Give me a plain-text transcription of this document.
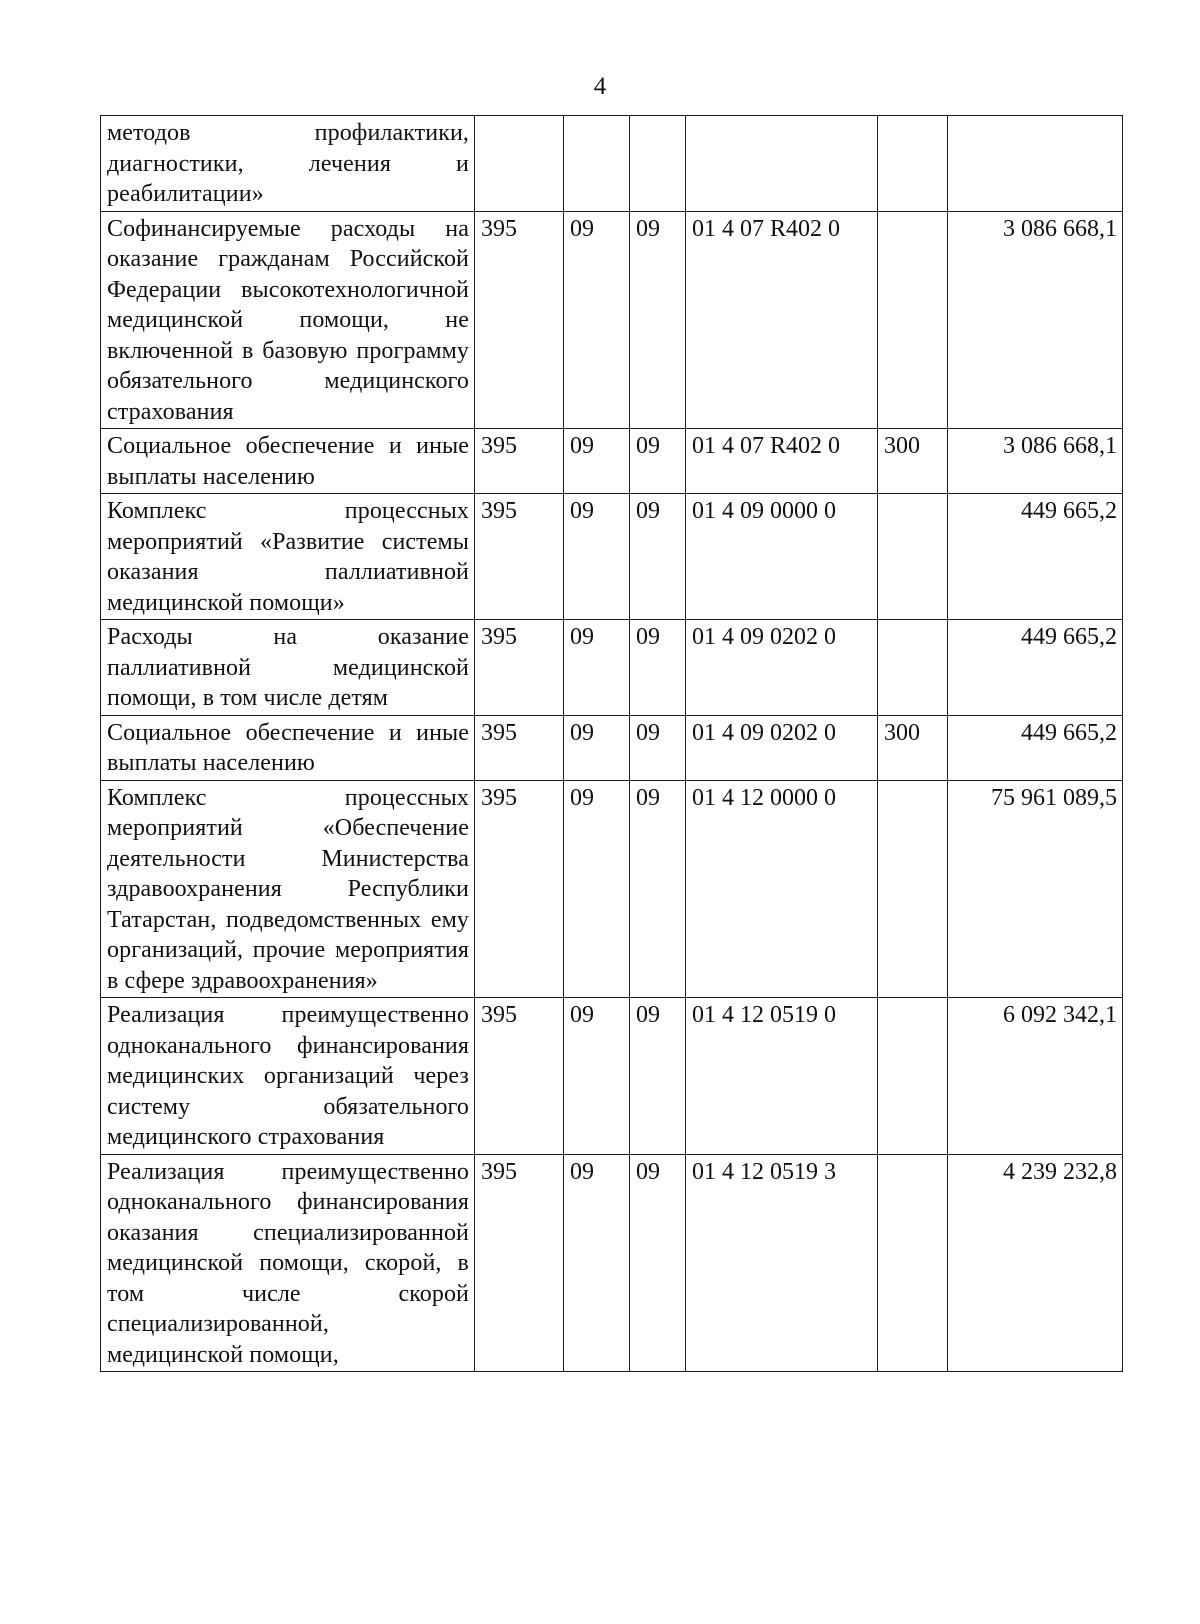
4
методов профилактики, диагностики, лечения и реабилитации»						
Софинансируемые расходы на оказание гражданам Российской Федерации высокотехнологичной медицинской помощи, не включенной в базовую программу обязательного медицинского страхования	395	09	09	01 4 07 R402 0		3 086 668,1
Социальное обеспечение и иные выплаты населению	395	09	09	01 4 07 R402 0	300	3 086 668,1
Комплекс процессных мероприятий «Развитие системы оказания паллиативной медицинской помощи»	395	09	09	01 4 09 0000 0		449 665,2
Расходы на оказание паллиативной медицинской помощи, в том числе детям	395	09	09	01 4 09 0202 0		449 665,2
Социальное обеспечение и иные выплаты населению	395	09	09	01 4 09 0202 0	300	449 665,2
Комплекс процессных мероприятий «Обеспечение деятельности Министерства здравоохранения Республики Татарстан, подведомственных ему организаций, прочие мероприятия в сфере здравоохранения»	395	09	09	01 4 12 0000 0		75 961 089,5
Реализация преимущественно одноканального финансирования медицинских организаций через систему обязательного медицинского страхования	395	09	09	01 4 12 0519 0		6 092 342,1
Реализация преимущественно одноканального финансирования оказания специализированной медицинской помощи, скорой, в том числе скорой специализированной, медицинской помощи,	395	09	09	01 4 12 0519 3		4 239 232,8
